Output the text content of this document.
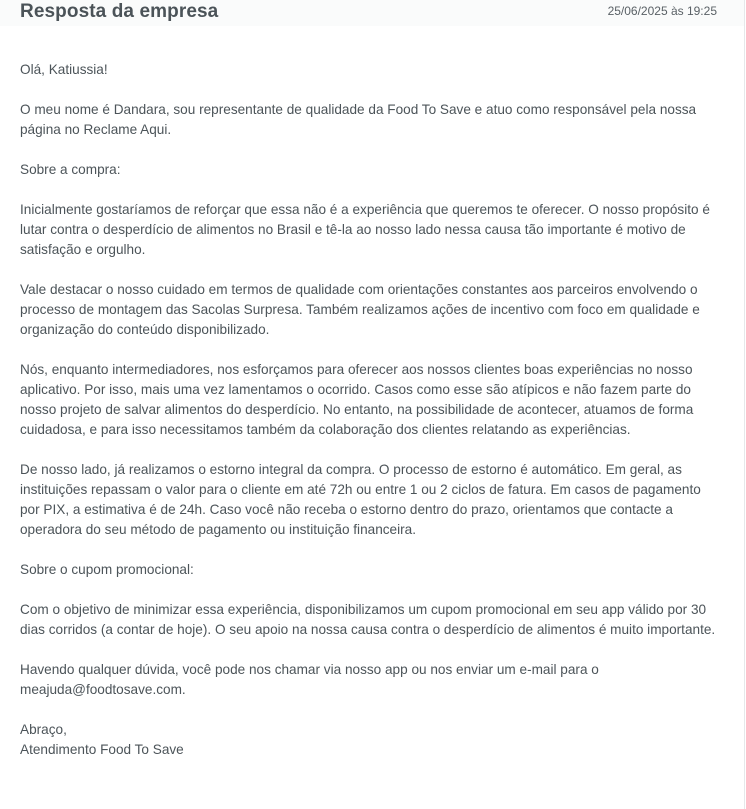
Resposta da empresa	25/06/2025 às 19:25

Olá, Katiussia!

O meu nome é Dandara, sou representante de qualidade da Food To Save e atuo como responsável pela nossa página no Reclame Aqui.

Sobre a compra:

Inicialmente gostaríamos de reforçar que essa não é a experiência que queremos te oferecer. O nosso propósito é lutar contra o desperdício de alimentos no Brasil e tê-la ao nosso lado nessa causa tão importante é motivo de satisfação e orgulho.

Vale destacar o nosso cuidado em termos de qualidade com orientações constantes aos parceiros envolvendo o processo de montagem das Sacolas Surpresa. Também realizamos ações de incentivo com foco em qualidade e organização do conteúdo disponibilizado.

Nós, enquanto intermediadores, nos esforçamos para oferecer aos nossos clientes boas experiências no nosso aplicativo. Por isso, mais uma vez lamentamos o ocorrido. Casos como esse são atípicos e não fazem parte do nosso projeto de salvar alimentos do desperdício. No entanto, na possibilidade de acontecer, atuamos de forma cuidadosa, e para isso necessitamos também da colaboração dos clientes relatando as experiências.

De nosso lado, já realizamos o estorno integral da compra. O processo de estorno é automático. Em geral, as instituições repassam o valor para o cliente em até 72h ou entre 1 ou 2 ciclos de fatura. Em casos de pagamento por PIX, a estimativa é de 24h. Caso você não receba o estorno dentro do prazo, orientamos que contacte a operadora do seu método de pagamento ou instituição financeira.

Sobre o cupom promocional:

Com o objetivo de minimizar essa experiência, disponibilizamos um cupom promocional em seu app válido por 30 dias corridos (a contar de hoje). O seu apoio na nossa causa contra o desperdício de alimentos é muito importante.

Havendo qualquer dúvida, você pode nos chamar via nosso app ou nos enviar um e-mail para o meajuda@foodtosave.com.

Abraço,

Atendimento Food To Save
